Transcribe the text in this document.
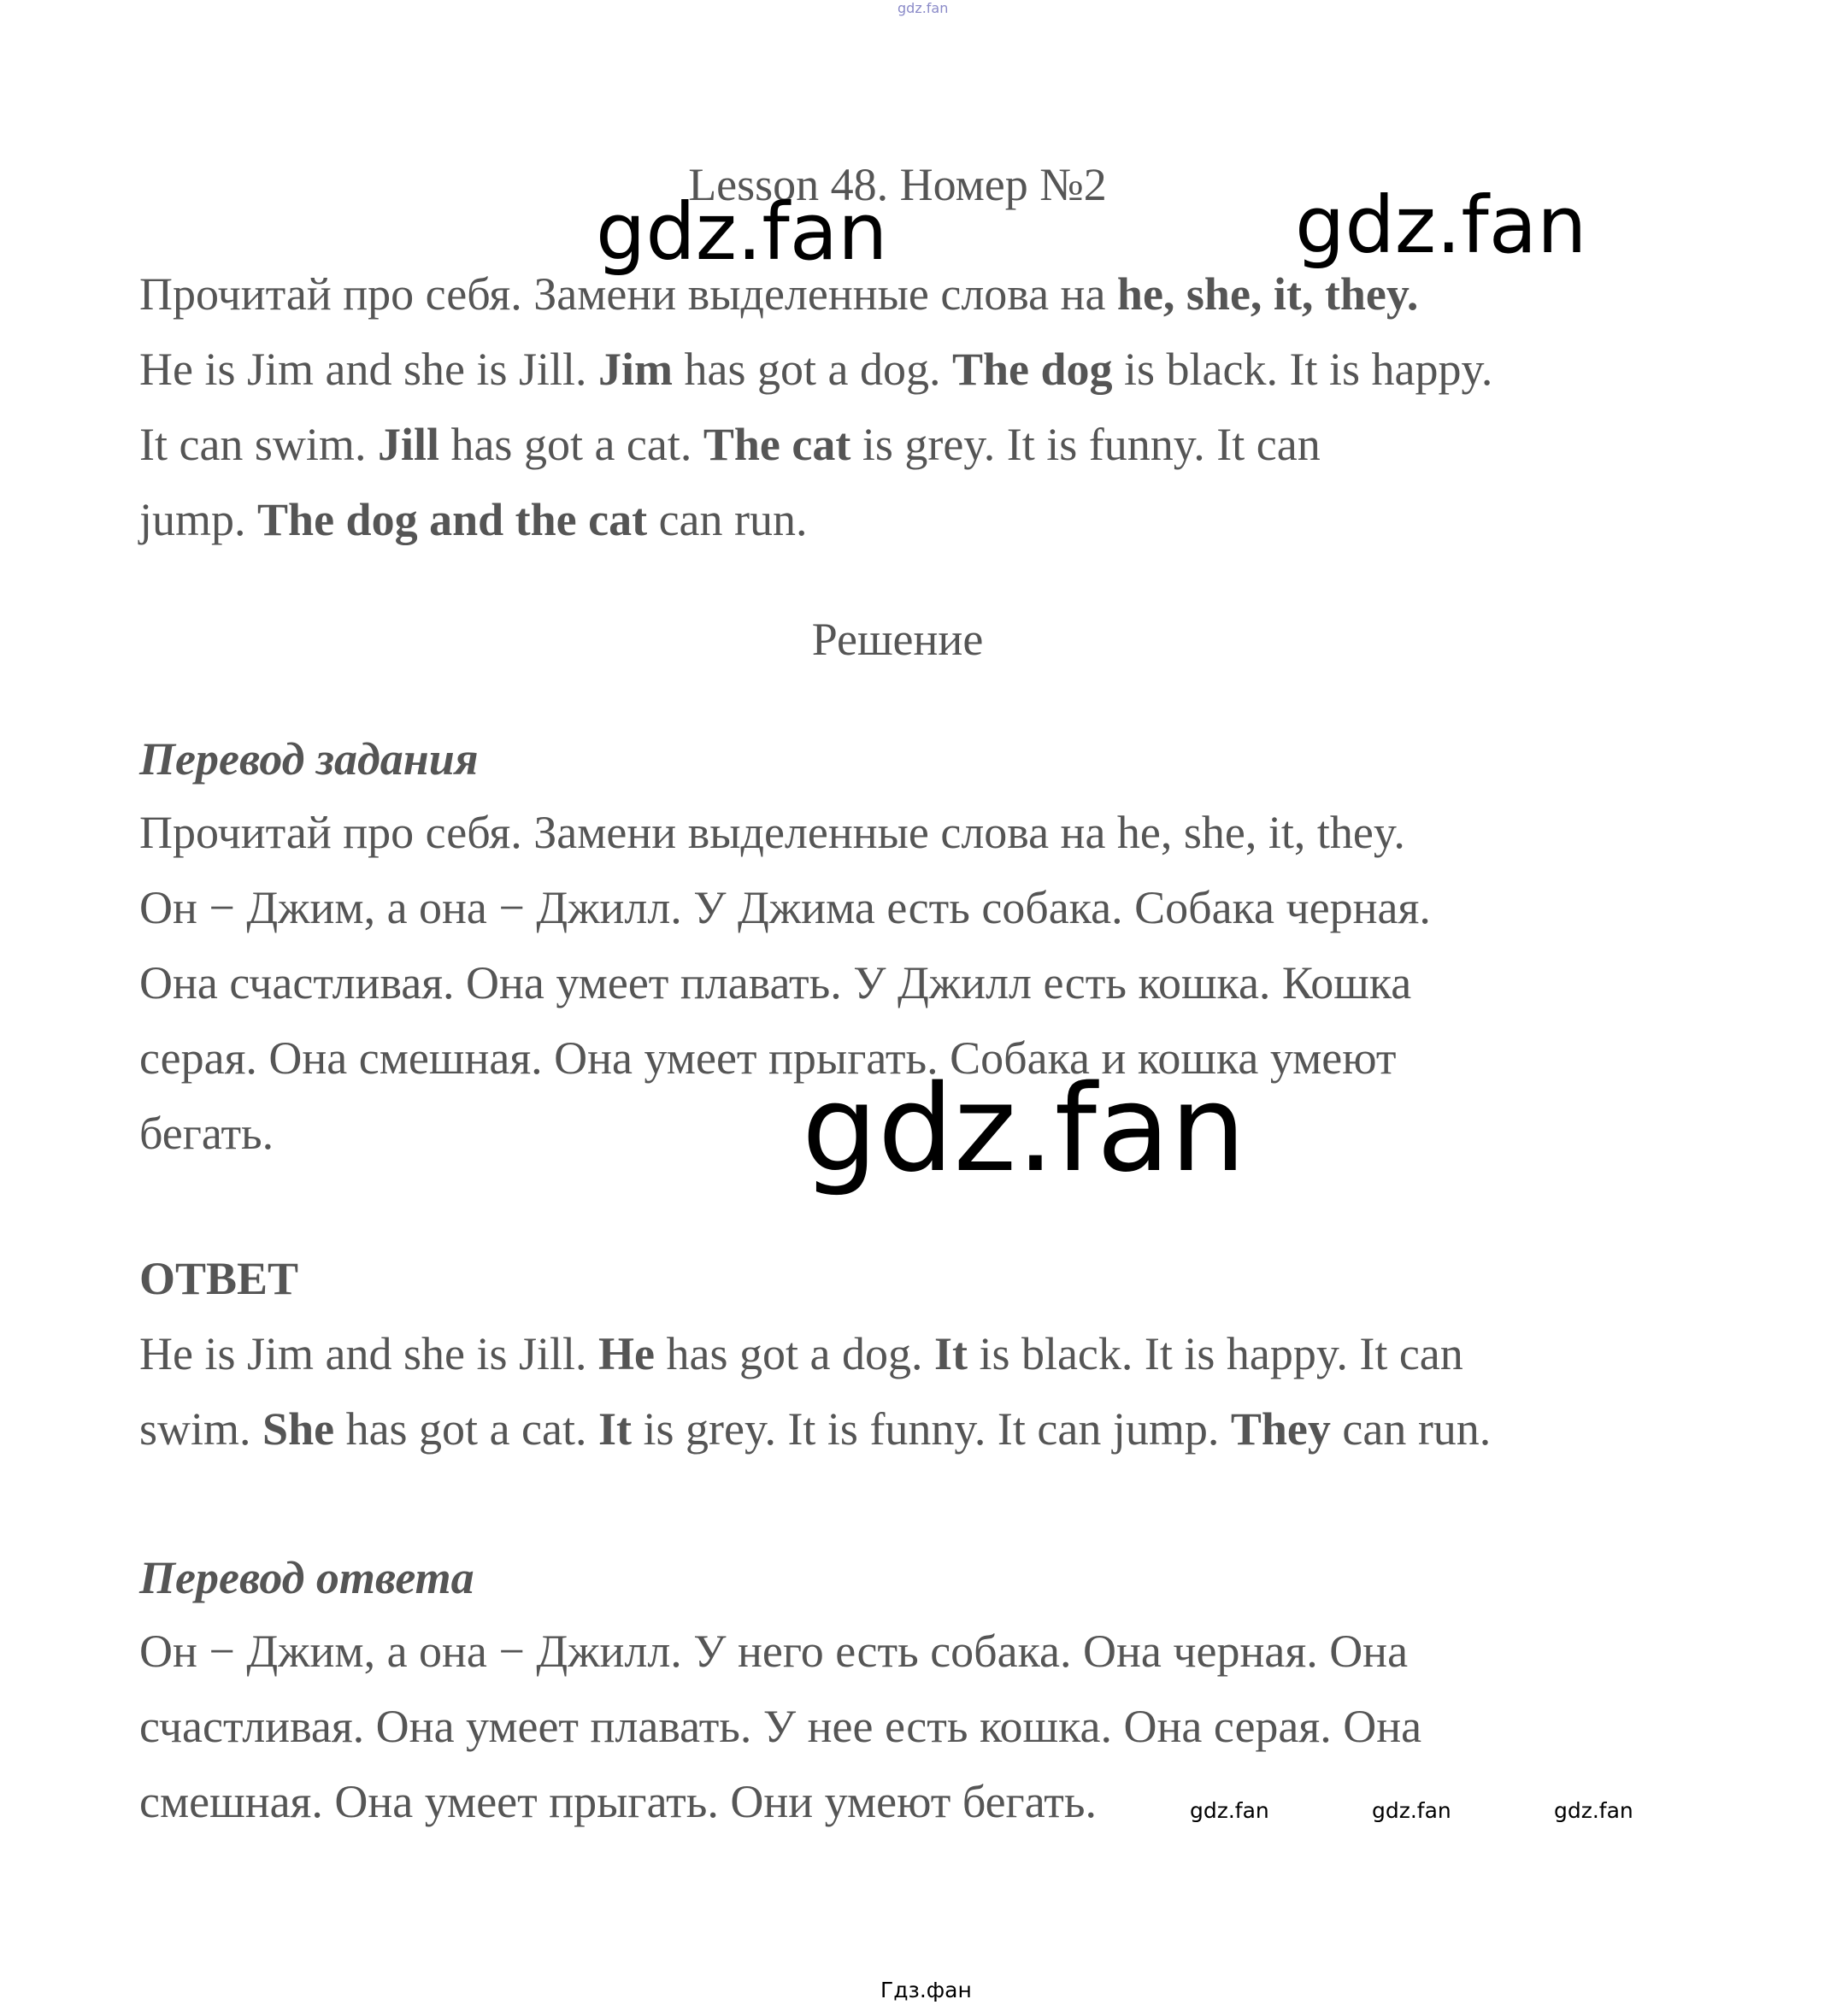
gdz.fan
Lesson 48. Номер №2
Прочитай про себя. Замени выделенные слова на he, she, it, they.
He is Jim and she is Jill. Jim has got a dog. The dog is black. It is happy.
It can swim. Jill has got a cat. The cat is grey. It is funny. It can
jump. The dog and the cat can run.
Решение
Перевод задания
Прочитай про себя. Замени выделенные слова на he, she, it, they.
Он − Джим, а она − Джилл. У Джима есть собака. Собака черная.
Она счастливая. Она умеет плавать. У Джилл есть кошка. Кошка
серая. Она смешная. Она умеет прыгать. Собака и кошка умеют
бегать.
ОТВЕТ
He is Jim and she is Jill. He has got a dog. It is black. It is happy. It can
swim. She has got a cat. It is grey. It is funny. It can jump. They can run.
Перевод ответа
Он − Джим, а она − Джилл. У него есть собака. Она черная. Она
счастливая. Она умеет плавать. У нее есть кошка. Она серая. Она
смешная. Она умеет прыгать. Они умеют бегать.
gdz.fan	gdz.fan
gdz.fan
gdz.fan	gdz.fan	gdz.fan
Гдз.фан
